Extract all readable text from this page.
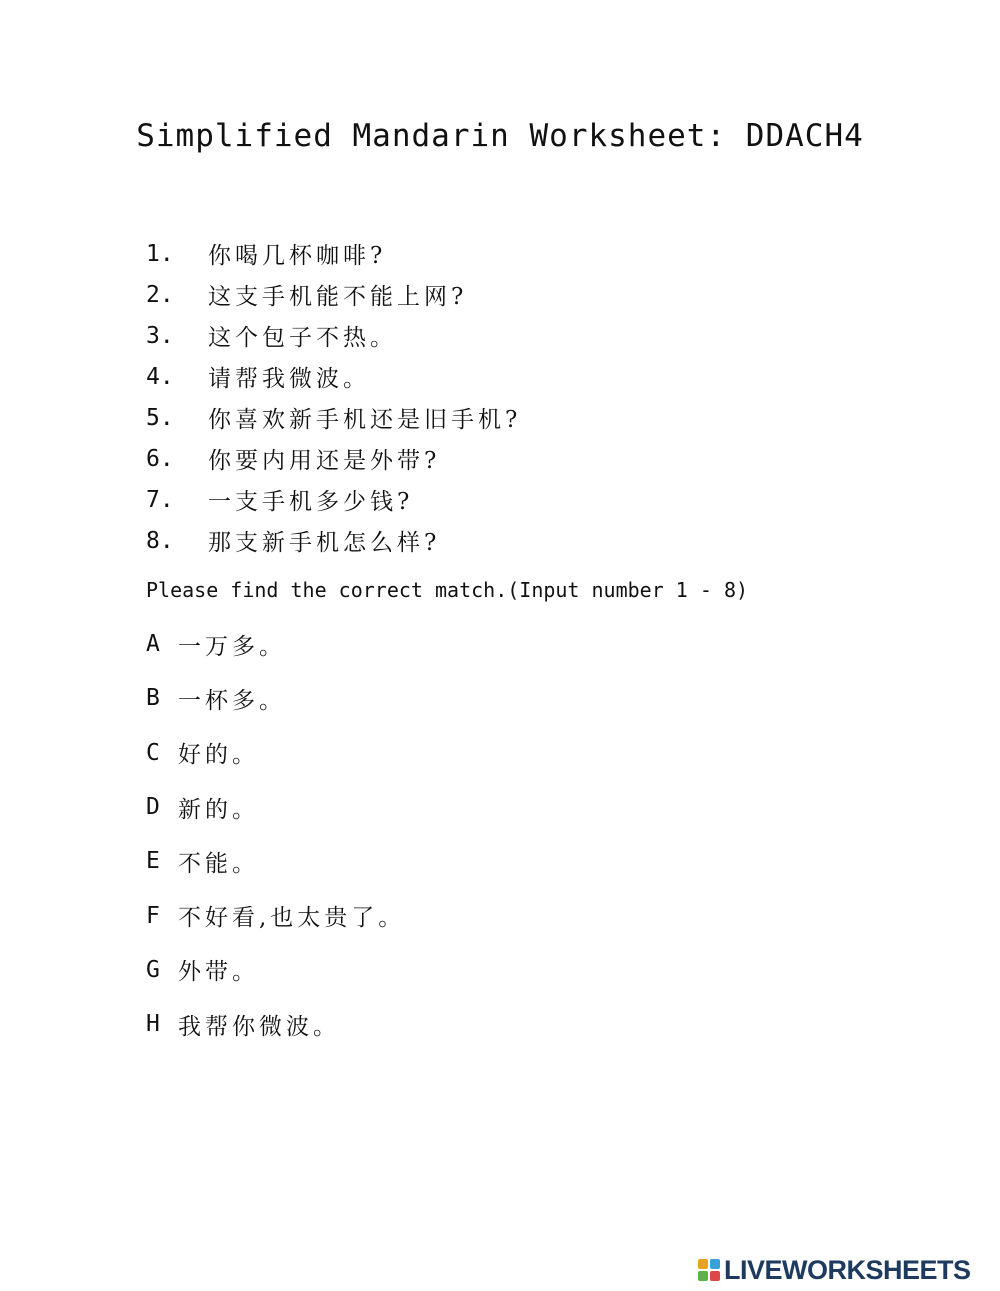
Simplified Mandarin Worksheet: DDACH4
1.	你喝几杯咖啡?
2.	这支手机能不能上网?
3.	这个包子不热。
4.	请帮我微波。
5.	你喜欢新手机还是旧手机?
6.	你要内用还是外带?
7.	一支手机多少钱?
8.	那支新手机怎么样?
Please find the correct match.(Input number 1 - 8)
A 一万多。
B 一杯多。
C 好的。
D 新的。
E 不能。
F 不好看,也太贵了。
G 外带。
H 我帮你微波。
LIVEWORKSHEETS
